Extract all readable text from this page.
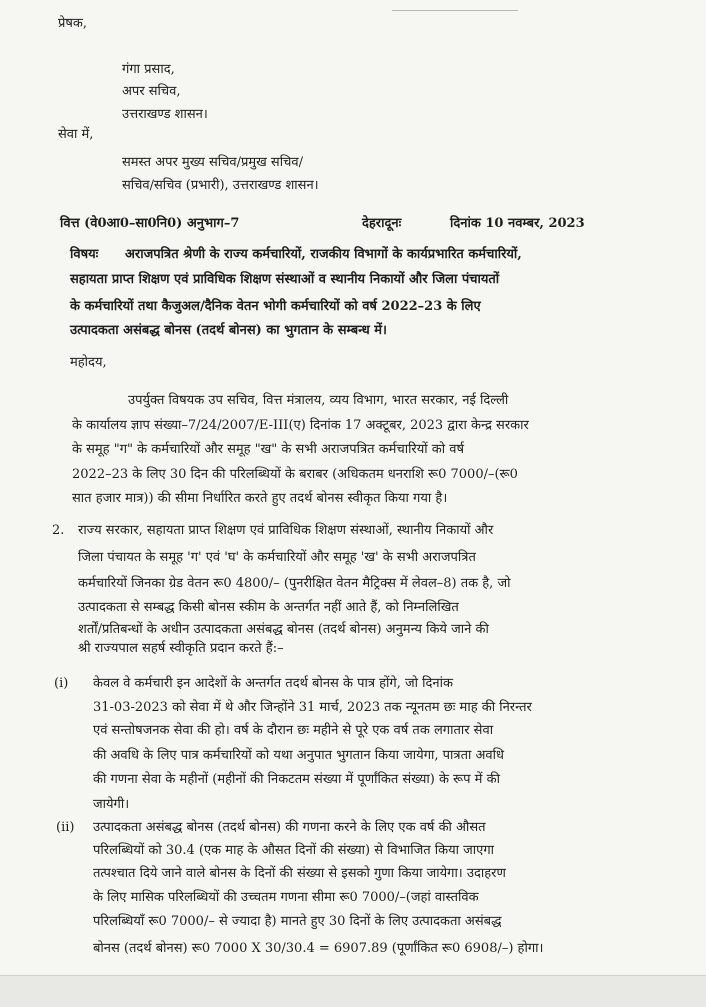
प्रेषक,
गंगा प्रसाद,
अपर सचिव,
उत्तराखण्ड शासन।
सेवा में,
समस्त अपर मुख्य सचिव/प्रमुख सचिव/
सचिव/सचिव (प्रभारी), उत्तराखण्ड शासन।
वित्त (वे0आ0–सा0नि0) अनुभाग–7	देहरादूनः	दिनांक 10 नवम्बर, 2023
विषयः अराजपत्रित श्रेणी के राज्य कर्मचारियों, राजकीय विभागों के कार्यप्रभारित कर्मचारियों,
सहायता प्राप्त शिक्षण एवं प्राविधिक शिक्षण संस्थाओं व स्थानीय निकायों और जिला पंचायतों
के कर्मचारियों तथा कैजुअल/दैनिक वेतन भोगी कर्मचारियों को वर्ष 2022–23 के लिए
उत्पादकता असंबद्ध बोनस (तदर्थ बोनस) का भुगतान के सम्बन्ध में।
महोदय,
उपर्युक्त विषयक उप सचिव, वित्त मंत्रालय, व्यय विभाग, भारत सरकार, नई दिल्ली
के कार्यालय ज्ञाप संख्या–7/24/2007/E-III(ए) दिनांक 17 अक्टूबर, 2023 द्वारा केन्द्र सरकार
के समूह "ग" के कर्मचारियों और समूह "ख" के सभी अराजपत्रित कर्मचारियों को वर्ष
2022–23 के लिए 30 दिन की परिलब्धियों के बराबर (अधिकतम धनराशि रू0 7000/–(रू0
सात हजार मात्र)) की सीमा निर्धारित करते हुए तदर्थ बोनस स्वीकृत किया गया है।
2. राज्य सरकार, सहायता प्राप्त शिक्षण एवं प्राविधिक शिक्षण संस्थाओं, स्थानीय निकायों और
जिला पंचायत के समूह 'ग' एवं 'घ' के कर्मचारियों और समूह 'ख' के सभी अराजपत्रित
कर्मचारियों जिनका ग्रेड वेतन रू0 4800/– (पुनरीक्षित वेतन मैट्रिक्स में लेवल–8) तक है, जो
उत्पादकता से सम्बद्ध किसी बोनस स्कीम के अन्तर्गत नहीं आते हैं, को निम्नलिखित
शर्तों/प्रतिबन्धों के अधीन उत्पादकता असंबद्ध बोनस (तदर्थ बोनस) अनुमन्य किये जाने की
श्री राज्यपाल सहर्ष स्वीकृति प्रदान करते हैं:–
(i) केवल वे कर्मचारी इन आदेशों के अन्तर्गत तदर्थ बोनस के पात्र होंगे, जो दिनांक
31-03-2023 को सेवा में थे और जिन्होंने 31 मार्च, 2023 तक न्यूनतम छः माह की निरन्तर
एवं सन्तोषजनक सेवा की हो। वर्ष के दौरान छः महीने से पूरे एक वर्ष तक लगातार सेवा
की अवधि के लिए पात्र कर्मचारियों को यथा अनुपात भुगतान किया जायेगा, पात्रता अवधि
की गणना सेवा के महीनों (महीनों की निकटतम संख्या में पूर्णांकित संख्या) के रूप में की
जायेगी।
(ii) उत्पादकता असंबद्ध बोनस (तदर्थ बोनस) की गणना करने के लिए एक वर्ष की औसत
परिलब्धियों को 30.4 (एक माह के औसत दिनों की संख्या) से विभाजित किया जाएगा
तत्पश्चात दिये जाने वाले बोनस के दिनों की संख्या से इसको गुणा किया जायेगा। उदाहरण
के लिए मासिक परिलब्धियों की उच्चतम गणना सीमा रू0 7000/–(जहां वास्तविक
परिलब्धियाँ रू0 7000/– से ज्यादा है) मानते हुए 30 दिनों के लिए उत्पादकता असंबद्ध
बोनस (तदर्थ बोनस) रू0 7000 X 30/30.4 = 6907.89 (पूर्णांकित रू0 6908/–) होगा।
